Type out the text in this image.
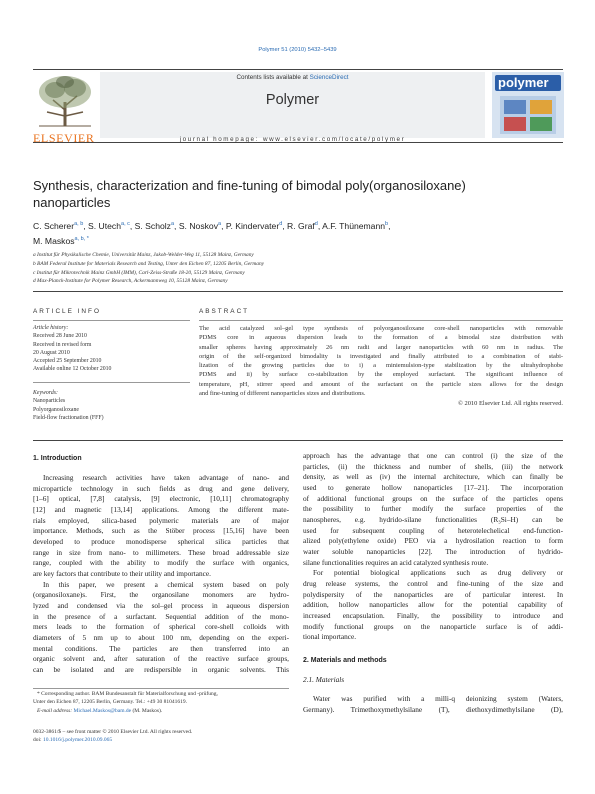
Polymer 51 (2010) 5432–5439
ELSEVIER
Contents lists available at ScienceDirect
Polymer
journal homepage: www.elsevier.com/locate/polymer
polymer
Synthesis, characterization and fine-tuning of bimodal poly(organosiloxane)
nanoparticles
C. Scherer$^{a, b}$, S. Utech$^{a, c}$, S. Scholz$^a$, S. Noskov$^a$, P. Kindervater$^d$, R. Graf$^d$, A.F. Thünemann$^b$,
M. Maskos$^{a, b, *}$
a Institut für Physikalische Chemie, Universität Mainz, Jakob-Welder-Weg 11, 55128 Mainz, Germany
b BAM Federal Institute for Materials Research and Testing, Unter den Eichen 87, 12205 Berlin, Germany
c Institut für Mikrotechnik Mainz GmbH (IMM), Carl-Zeiss-Straße 18-20, 55129 Mainz, Germany
d Max-Planck-Institute for Polymer Research, Ackermannweg 10, 55128 Mainz, Germany
ARTICLE INFO
Article history:
Received 28 June 2010
Received in revised form
20 August 2010
Accepted 25 September 2010
Available online 12 October 2010
Keywords:
Nanoparticles
Polyorganosiloxane
Field-flow fractionation (FFF)
ABSTRACT
The acid catalyzed sol–gel type synthesis of polyorganosiloxane core-shell nanoparticles with removable
PDMS core in aqueous dispersion leads to the formation of a bimodal size distribution with
smaller spheres having approximately 26 nm radii and larger nanoparticles with 60 nm in radius. The
origin of the self-organized bimodality is investigated and finally attributed to a combination of stabi-
lization of the growing particles due to i) a miniemulsion-type stabilization by the ultrahydrophobe
PDMS and ii) by surface co-stabilization by the employed surfactant. The significant influence of
temperature, pH, stirrer speed and amount of the surfactant on the particle sizes allows for the design
and fine-tuning of different nanoparticles sizes and distributions.
© 2010 Elsevier Ltd. All rights reserved.
1. Introduction
Increasing research activities have taken advantage of nano- and
microparticle technology in such fields as drug and gene delivery,
[1–6] optical, [7,8] catalysis, [9] electronic, [10,11] chromatography
[12] and magnetic [13,14] applications. Among the different mate-
rials employed, silica-based polymeric materials are of major
importance. Methods, such as the Stöber process [15,16] have been
developed to produce monodisperse spherical silica particles that
range in size from nano- to millimeters. These broad addressable size
range, coupled with the ability to modify the surface with organics,
are key factors that contribute to their utility and importance.
In this paper, we present a chemical system based on poly
(organosiloxane)s. First, the organosilane monomers are hydro-
lyzed and condensed via the sol–gel process in aqueous dispersion
in the presence of a surfactant. Sequential addition of the mono-
mers leads to the formation of spherical core-shell colloids with
diameters of 5 nm up to about 100 nm, depending on the experi-
mental conditions. The particles are then transferred into an
organic solvent and, after saturation of the reactive surface groups,
can be isolated and are redispersible in organic solvents. This
* Corresponding author. BAM Bundesanstalt für Materialforschung und -prüfung,
Unter den Eichen 87, 12205 Berlin, Germany. Tel.: +49 30 81041619.
E-mail address: Michael.Maskos@bam.de (M. Maskos).
0032-3861/$ – see front matter © 2010 Elsevier Ltd. All rights reserved.
doi: 10.1016/j.polymer.2010.09.065
approach has the advantage that one can control (i) the size of the
particles, (ii) the thickness and number of shells, (iii) the network
density, as well as (iv) the internal architecture, which can finally be
used to generate hollow nanoparticles [17–21]. The incorporation
of additional functional groups on the surface of the particles opens
the possibility to further modify the surface properties of the
nanospheres, e.g. hydrido-silane functionalities (R₃Si–H) can be
used for subsequent coupling of heterotelechelical end-function-
alized poly(ethylene oxide) PEO via a hydrosilation reaction to form
water soluble nanoparticles [22]. The introduction of hydrido-
silane functionalities requires an acid catalyzed synthesis route.
For potential biological applications such as drug delivery or
drug release systems, the control and fine-tuning of the size and
polydispersity of the nanoparticles are of particular interest. In
addition, hollow nanoparticles allow for the potential capability of
increased encapsulation. Finally, the possibility to introduce and
modify functional groups on the nanoparticle surface is of addi-
tional importance.
2. Materials and methods
2.1. Materials
Water was purified with a milli-q deionizing system (Waters,
Germany). Trimethoxymethylsilane (T), diethoxydimethylsilane (D),
